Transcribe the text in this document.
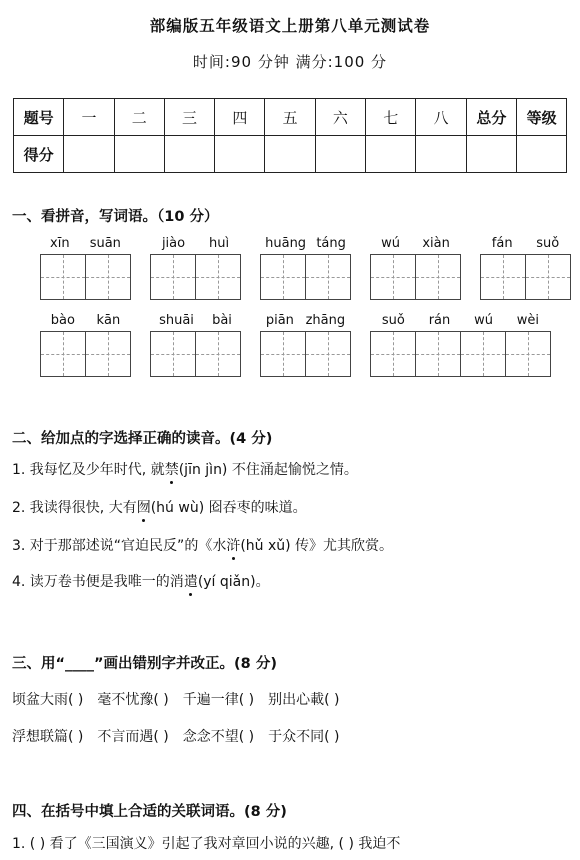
部编版五年级语文上册第八单元测试卷
时间:90 分钟 满分:100 分
题号	一	二	三	四	五	六	七	八	总分	等级
得分										
一、看拼音，写词语。（10 分）
xīn suān	jiào huì	huāng táng	wú xiàn	fán suǒ
bào kān	shuāi bài	piān zhāng	suǒ rán wú wèi
二、给加点的字选择正确的读音。(4 分)
1. 我每忆及少年时代, 就禁(jīn jìn) 不住涌起愉悦之情。
2. 我读得很快, 大有囫(hú wù) 囵吞枣的味道。
3. 对于那部述说“官迫民反”的《水浒(hǔ xǔ) 传》尤其欣赏。
4. 读万卷书便是我唯一的消遣(yí qiǎn)。
三、用“____”画出错别字并改正。(8 分)
顷盆大雨( ) 毫不忧豫( ) 千遍一律( ) 别出心載( )
浮想联篇( ) 不言而遇( ) 念念不望( ) 于众不同( )
四、在括号中填上合适的关联词语。(8 分)
1. ( ) 看了《三国演义》引起了我对章回小说的兴趣, ( ) 我迫不
